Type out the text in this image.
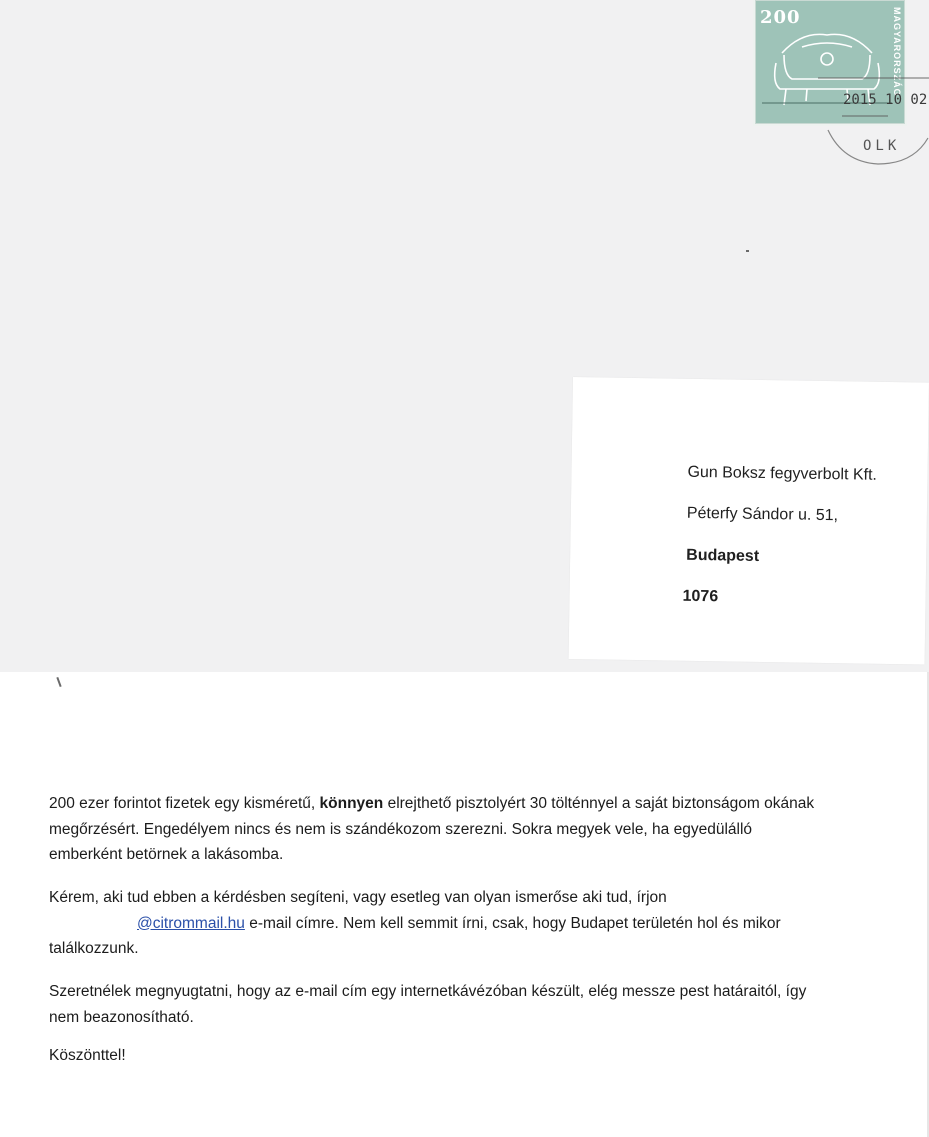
200	MAGYARORSZÁG
2015 10 02
OLK
Gun Boksz fegyverbolt Kft.
Péterfy Sándor u. 51,
Budapest
1076

200 ezer forintot fizetek egy kisméretű, könnyen elrejthető pisztolyért 30 tölténnyel a saját biztonságom okának megőrzésért. Engedélyem nincs és nem is szándékozom szerezni. Sokra megyek vele, ha egyedülálló emberként betörnek a lakásomba.

Kérem, aki tud ebben a kérdésben segíteni, vagy esetleg van olyan ismerőse aki tud, írjon
@citrommail.hu e-mail címre. Nem kell semmit írni, csak, hogy Budapet területén hol és mikor találkozzunk.

Szeretnélek megnyugtatni, hogy az e-mail cím egy internetkávézóban készült, elég messze pest határaitól, így nem beazonosítható.

Köszönttel!
